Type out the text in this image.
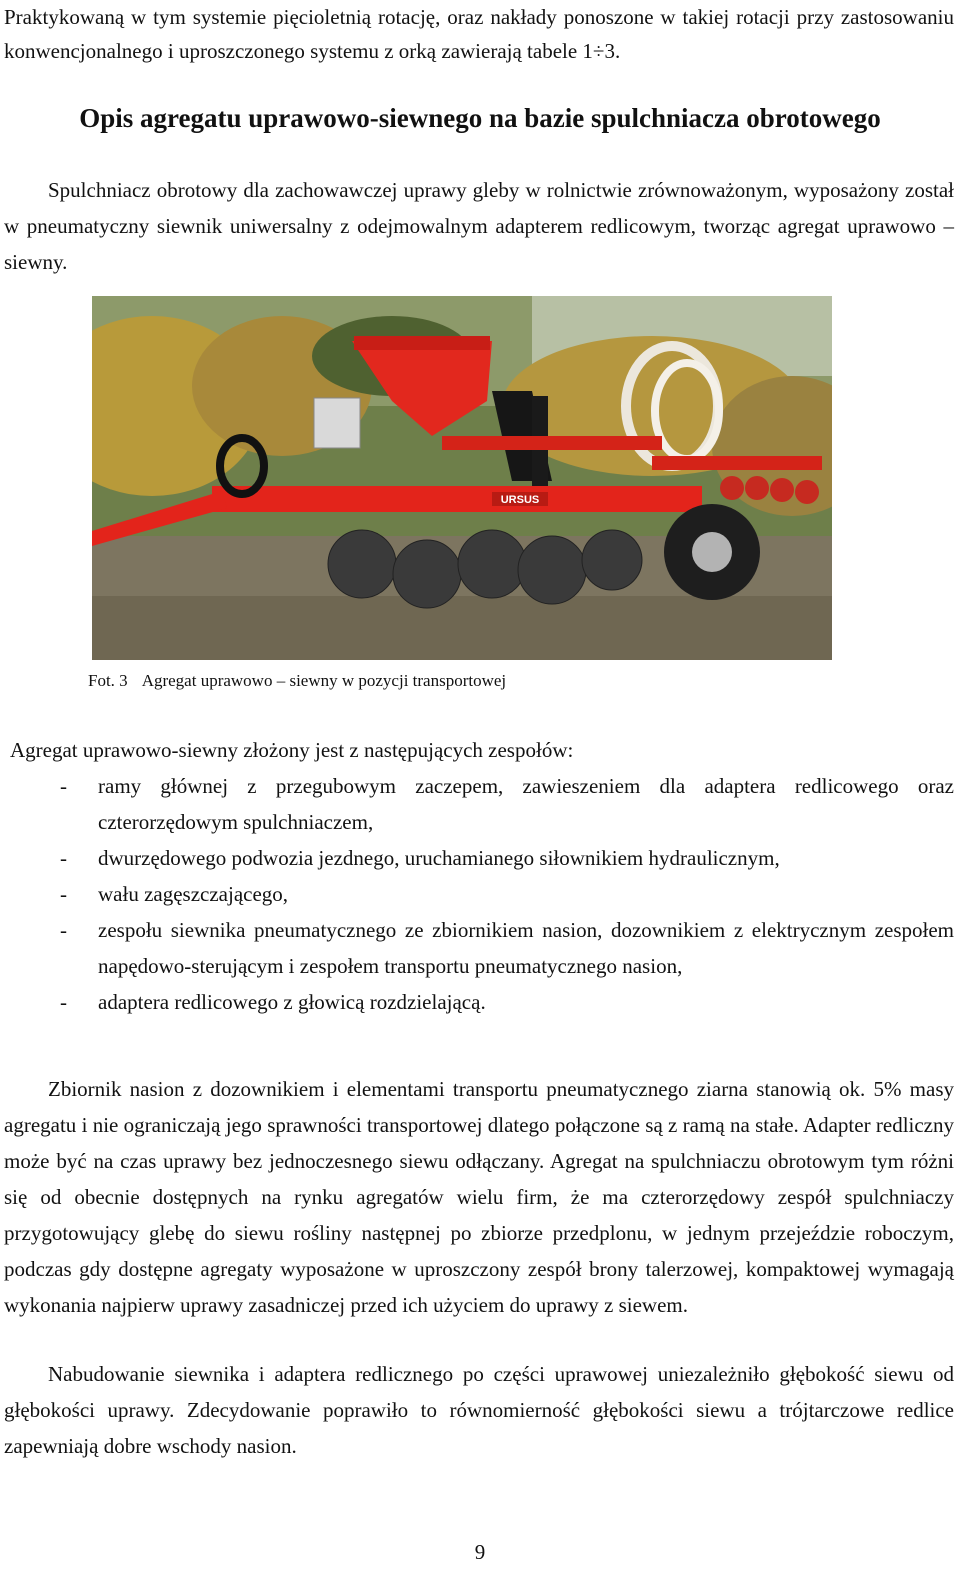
Praktykowaną w tym systemie pięcioletnią rotację, oraz nakłady ponoszone w takiej rotacji przy zastosowaniu konwencjonalnego i uproszczonego systemu z orką zawierają tabele 1÷3.

Opis agregatu uprawowo-siewnego na bazie spulchniacza obrotowego

Spulchniacz obrotowy dla zachowawczej uprawy gleby w rolnictwie zrównoważonym, wyposażony został w pneumatyczny siewnik uniwersalny z odejmowalnym adapterem redlicowym, tworząc agregat uprawowo – siewny.

URSUS
Fot. 3 Agregat uprawowo – siewny w pozycji transportowej
Agregat uprawowo-siewny złożony jest z następujących zespołów:
- ramy głównej z przegubowym zaczepem, zawieszeniem dla adaptera redlicowego oraz czterorzędowym spulchniaczem,
- dwurzędowego podwozia jezdnego, uruchamianego siłownikiem hydraulicznym,
- wału zagęszczającego,
- zespołu siewnika pneumatycznego ze zbiornikiem nasion, dozownikiem z elektrycznym zespołem napędowo-sterującym i zespołem transportu pneumatycznego nasion,
- adaptera redlicowego z głowicą rozdzielającą.

Zbiornik nasion z dozownikiem i elementami transportu pneumatycznego ziarna stanowią ok. 5% masy agregatu i nie ograniczają jego sprawności transportowej dlatego połączone są z ramą na stałe. Adapter redliczny może być na czas uprawy bez jednoczesnego siewu odłączany. Agregat na spulchniaczu obrotowym tym różni się od obecnie dostępnych na rynku agregatów wielu firm, że ma czterorzędowy zespół spulchniaczy przygotowujący glebę do siewu rośliny następnej po zbiorze przedplonu, w jednym przejeździe roboczym, podczas gdy dostępne agregaty wyposażone w uproszczony zespół brony talerzowej, kompaktowej wymagają wykonania najpierw uprawy zasadniczej przed ich użyciem do uprawy z siewem.

Nabudowanie siewnika i adaptera redlicznego po części uprawowej uniezależniło głębokość siewu od głębokości uprawy. Zdecydowanie poprawiło to równomierność głębokości siewu a trójtarczowe redlice zapewniają dobre wschody nasion.

9
